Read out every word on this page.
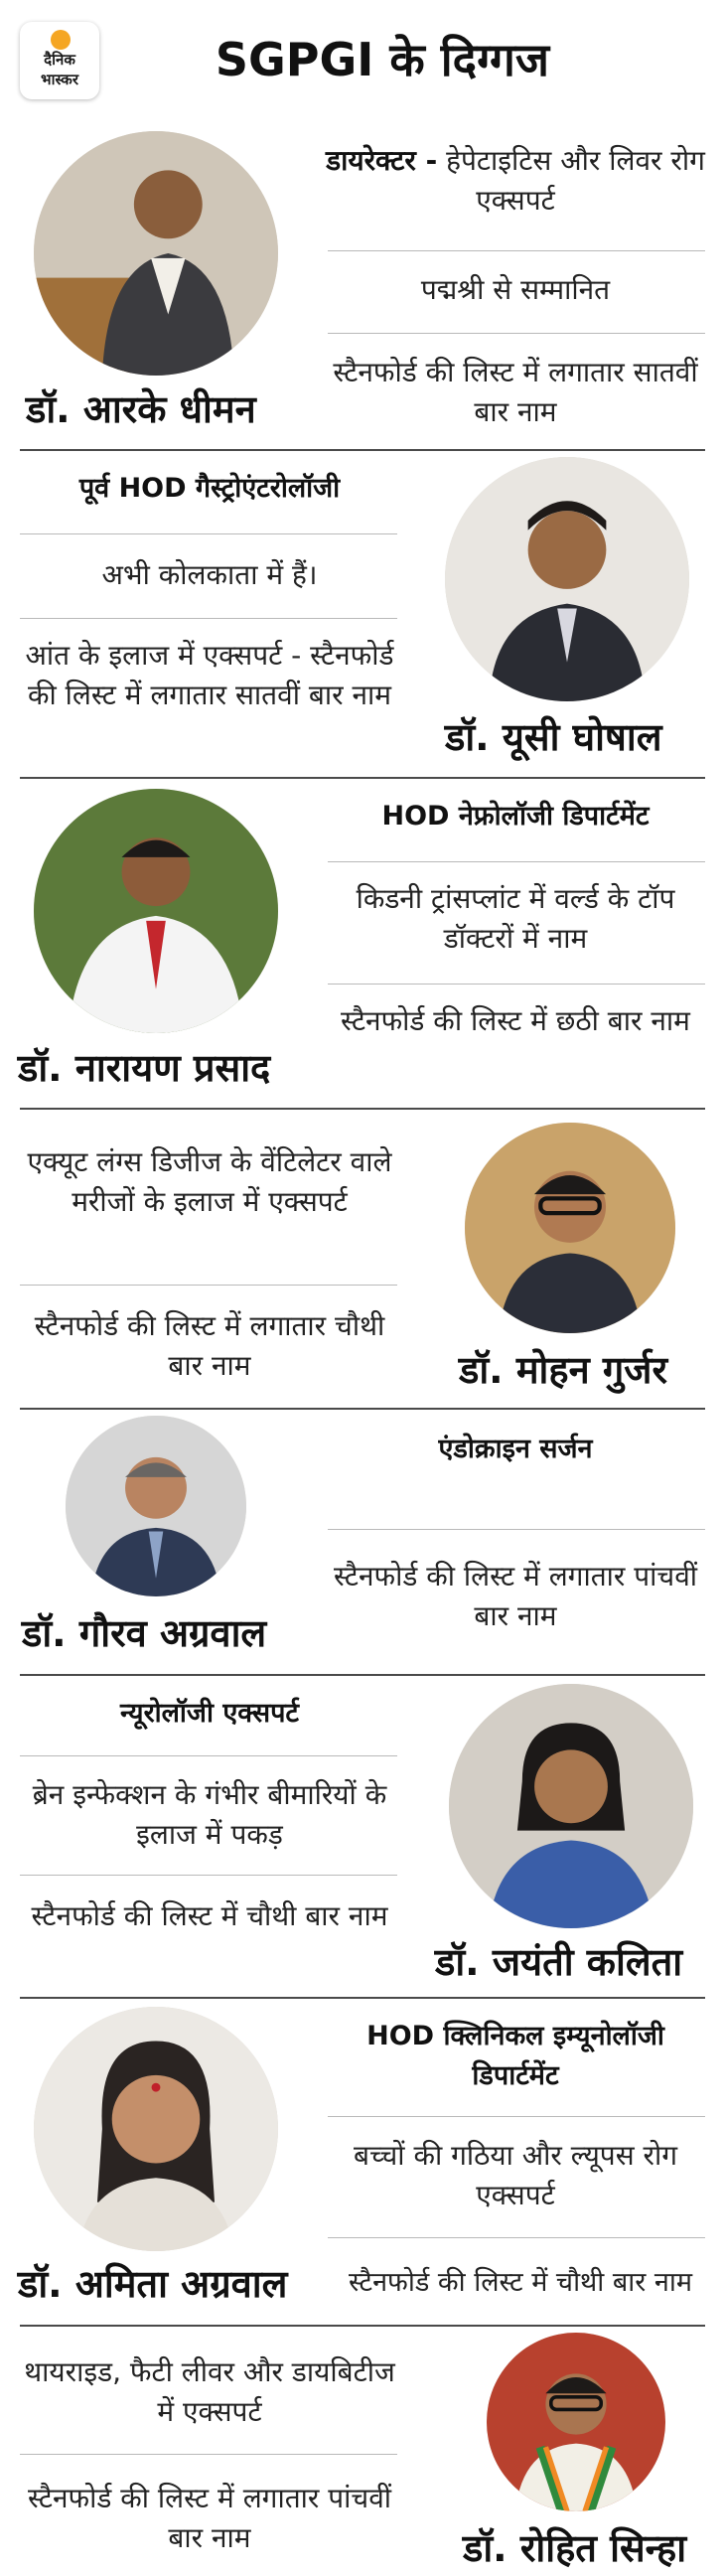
दैनिक
भास्कर	SGPGI के दिग्गज
डॉ. आरके धीमन
डायरेक्टर - हेपेटाइटिस और लिवर रोग एक्सपर्ट
पद्मश्री से सम्मानित
स्टैनफोर्ड की लिस्ट में लगातार सातवीं बार नाम
पूर्व HOD गैस्ट्रोएंटरोलॉजी
अभी कोलकाता में हैं।
आंत के इलाज में एक्सपर्ट - स्टैनफोर्ड की लिस्ट में लगातार सातवीं बार नाम
डॉ. यूसी घोषाल
डॉ. नारायण प्रसाद
HOD नेफ्रोलॉजी डिपार्टमेंट
किडनी ट्रांसप्लांट में वर्ल्ड के टॉप डॉक्टरों में नाम
स्टैनफोर्ड की लिस्ट में छठी बार नाम
एक्यूट लंग्स डिजीज के वेंटिलेटर वाले मरीजों के इलाज में एक्सपर्ट
स्टैनफोर्ड की लिस्ट में लगातार चौथी बार नाम	डॉ. मोहन गुर्जर
डॉ. गौरव अग्रवाल
एंडोक्राइन सर्जन
स्टैनफोर्ड की लिस्ट में लगातार पांचवीं बार नाम
न्यूरोलॉजी एक्सपर्ट
ब्रेन इन्फेक्शन के गंभीर बीमारियों के इलाज में पकड़
स्टैनफोर्ड की लिस्ट में चौथी बार नाम
डॉ. जयंती कलिता
डॉ. अमिता अग्रवाल
HOD क्लिनिकल इम्यूनोलॉजी डिपार्टमेंट
बच्चों की गठिया और ल्यूपस रोग एक्सपर्ट
स्टैनफोर्ड की लिस्ट में चौथी बार नाम
थायराइड, फैटी लीवर और डायबिटीज में एक्सपर्ट
स्टैनफोर्ड की लिस्ट में लगातार पांचवीं बार नाम	डॉ. रोहित सिन्हा
